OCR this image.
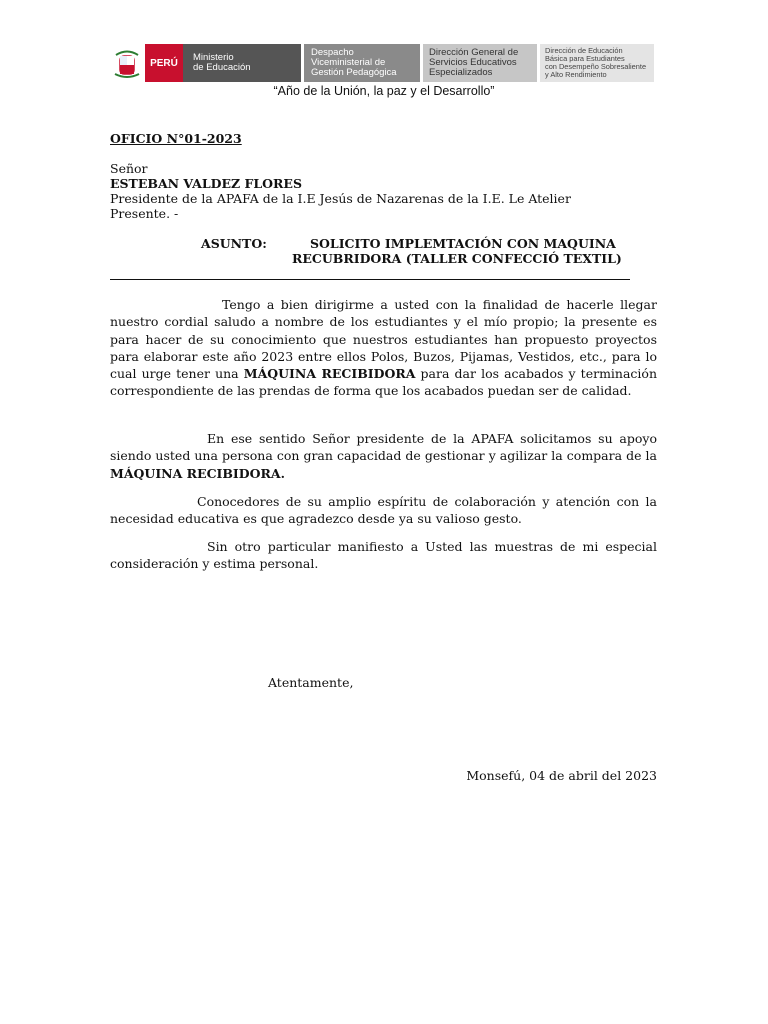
PERÚ	Ministerio
de Educación
Despacho
Viceministerial de
Gestión Pedagógica
Dirección General de
Servicios Educativos
Especializados
Dirección de Educación
Básica para Estudiantes
con Desempeño Sobresaliente
y Alto Rendimiento
“Año de la Unión, la paz y el Desarrollo”
OFICIO N°01-2023
Señor
ESTEBAN VALDEZ FLORES
Presidente de la APAFA de la I.E Jesús de Nazarenas de la I.E. Le Atelier
Presente. -
ASUNTO:	SOLICITO IMPLEMTACIÓN CON MAQUINA
RECUBRIDORA (TALLER CONFECCIÓ TEXTIL)
Tengo a bien dirigirme a usted con la finalidad de hacerle llegar nuestro cordial saludo a nombre de los estudiantes y el mío propio; la presente es para hacer de su conocimiento que nuestros estudiantes han propuesto proyectos para elaborar este año 2023 entre ellos Polos, Buzos, Pijamas, Vestidos, etc., para lo cual urge tener una MÁQUINA RECIBIDORA para dar los acabados y terminación correspondiente de las prendas de forma que los acabados puedan ser de calidad.
En ese sentido Señor presidente de la APAFA solicitamos su apoyo siendo usted una persona con gran capacidad de gestionar y agilizar la compara de la MÁQUINA RECIBIDORA.
Conocedores de su amplio espíritu de colaboración y atención con la necesidad educativa es que agradezco desde ya su valioso gesto.
Sin otro particular manifiesto a Usted las muestras de mi especial consideración y estima personal.
Atentamente,
Monsefú, 04 de abril del 2023
